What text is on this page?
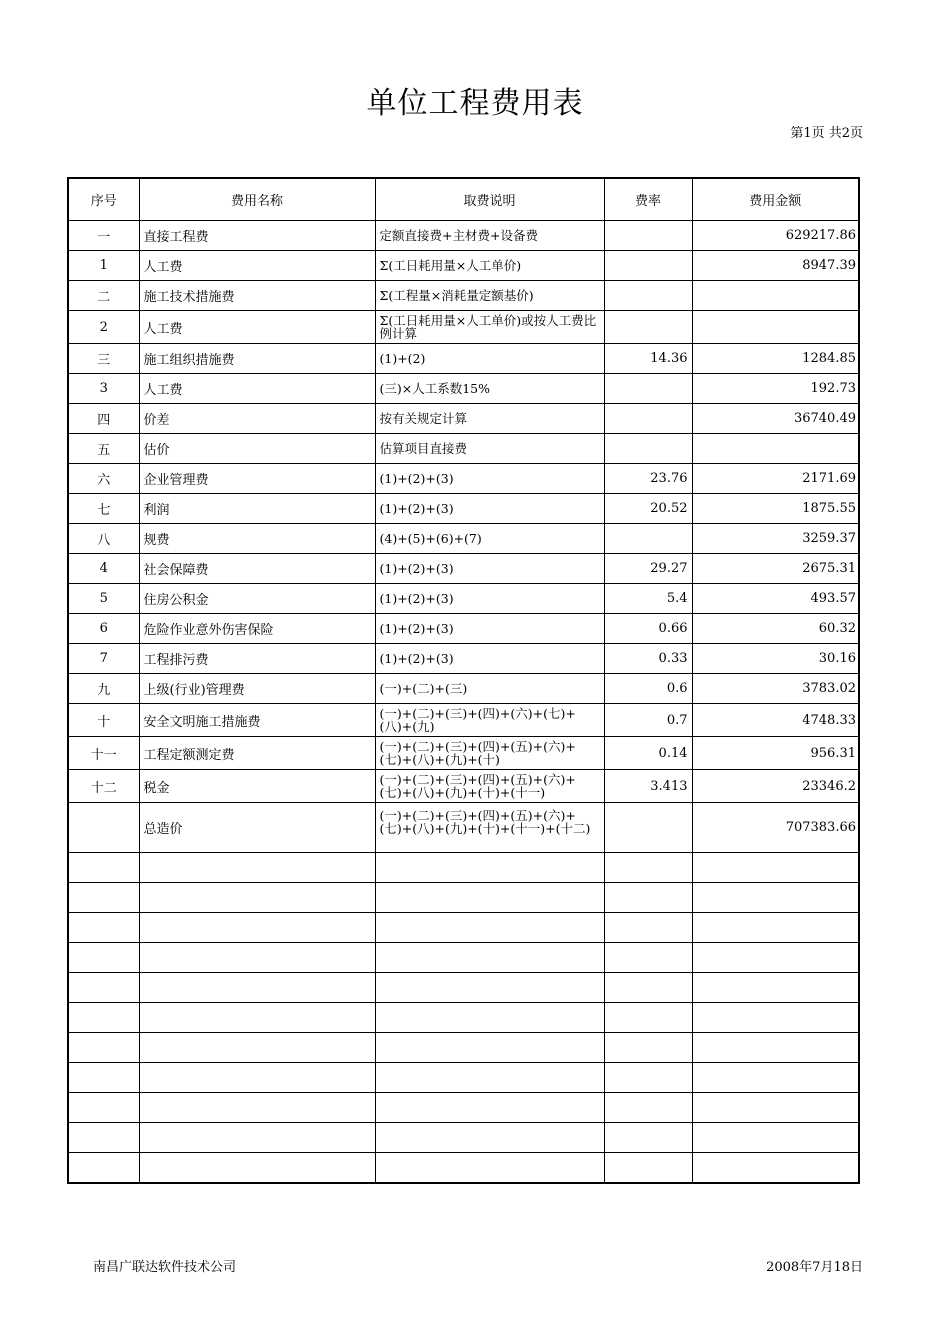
单位工程费用表
第1页 共2页
序号	费用名称	取费说明	费率	费用金额
一	直接工程费	定额直接费+主材费+设备费		629217.86
1	人工费	Σ(工日耗用量×人工单价)		8947.39
二	施工技术措施费	Σ(工程量×消耗量定额基价)		
2	人工费	Σ(工日耗用量×人工单价)或按人工费比例计算		
三	施工组织措施费	(1)+(2)	14.36	1284.85
3	人工费	(三)×人工系数15%		192.73
四	价差	按有关规定计算		36740.49
五	估价	估算项目直接费		
六	企业管理费	(1)+(2)+(3)	23.76	2171.69
七	利润	(1)+(2)+(3)	20.52	1875.55
八	规费	(4)+(5)+(6)+(7)		3259.37
4	社会保障费	(1)+(2)+(3)	29.27	2675.31
5	住房公积金	(1)+(2)+(3)	5.4	493.57
6	危险作业意外伤害保险	(1)+(2)+(3)	0.66	60.32
7	工程排污费	(1)+(2)+(3)	0.33	30.16
九	上级(行业)管理费	(一)+(二)+(三)	0.6	3783.02
十	安全文明施工措施费	(一)+(二)+(三)+(四)+(六)+(七)+(八)+(九)	0.7	4748.33
十一	工程定额测定费	(一)+(二)+(三)+(四)+(五)+(六)+(七)+(八)+(九)+(十)	0.14	956.31
十二	税金	(一)+(二)+(三)+(四)+(五)+(六)+(七)+(八)+(九)+(十)+(十一)	3.413	23346.2
	总造价	(一)+(二)+(三)+(四)+(五)+(六)+(七)+(八)+(九)+(十)+(十一)+(十二)		707383.66

南昌广联达软件技术公司	2008年7月18日
